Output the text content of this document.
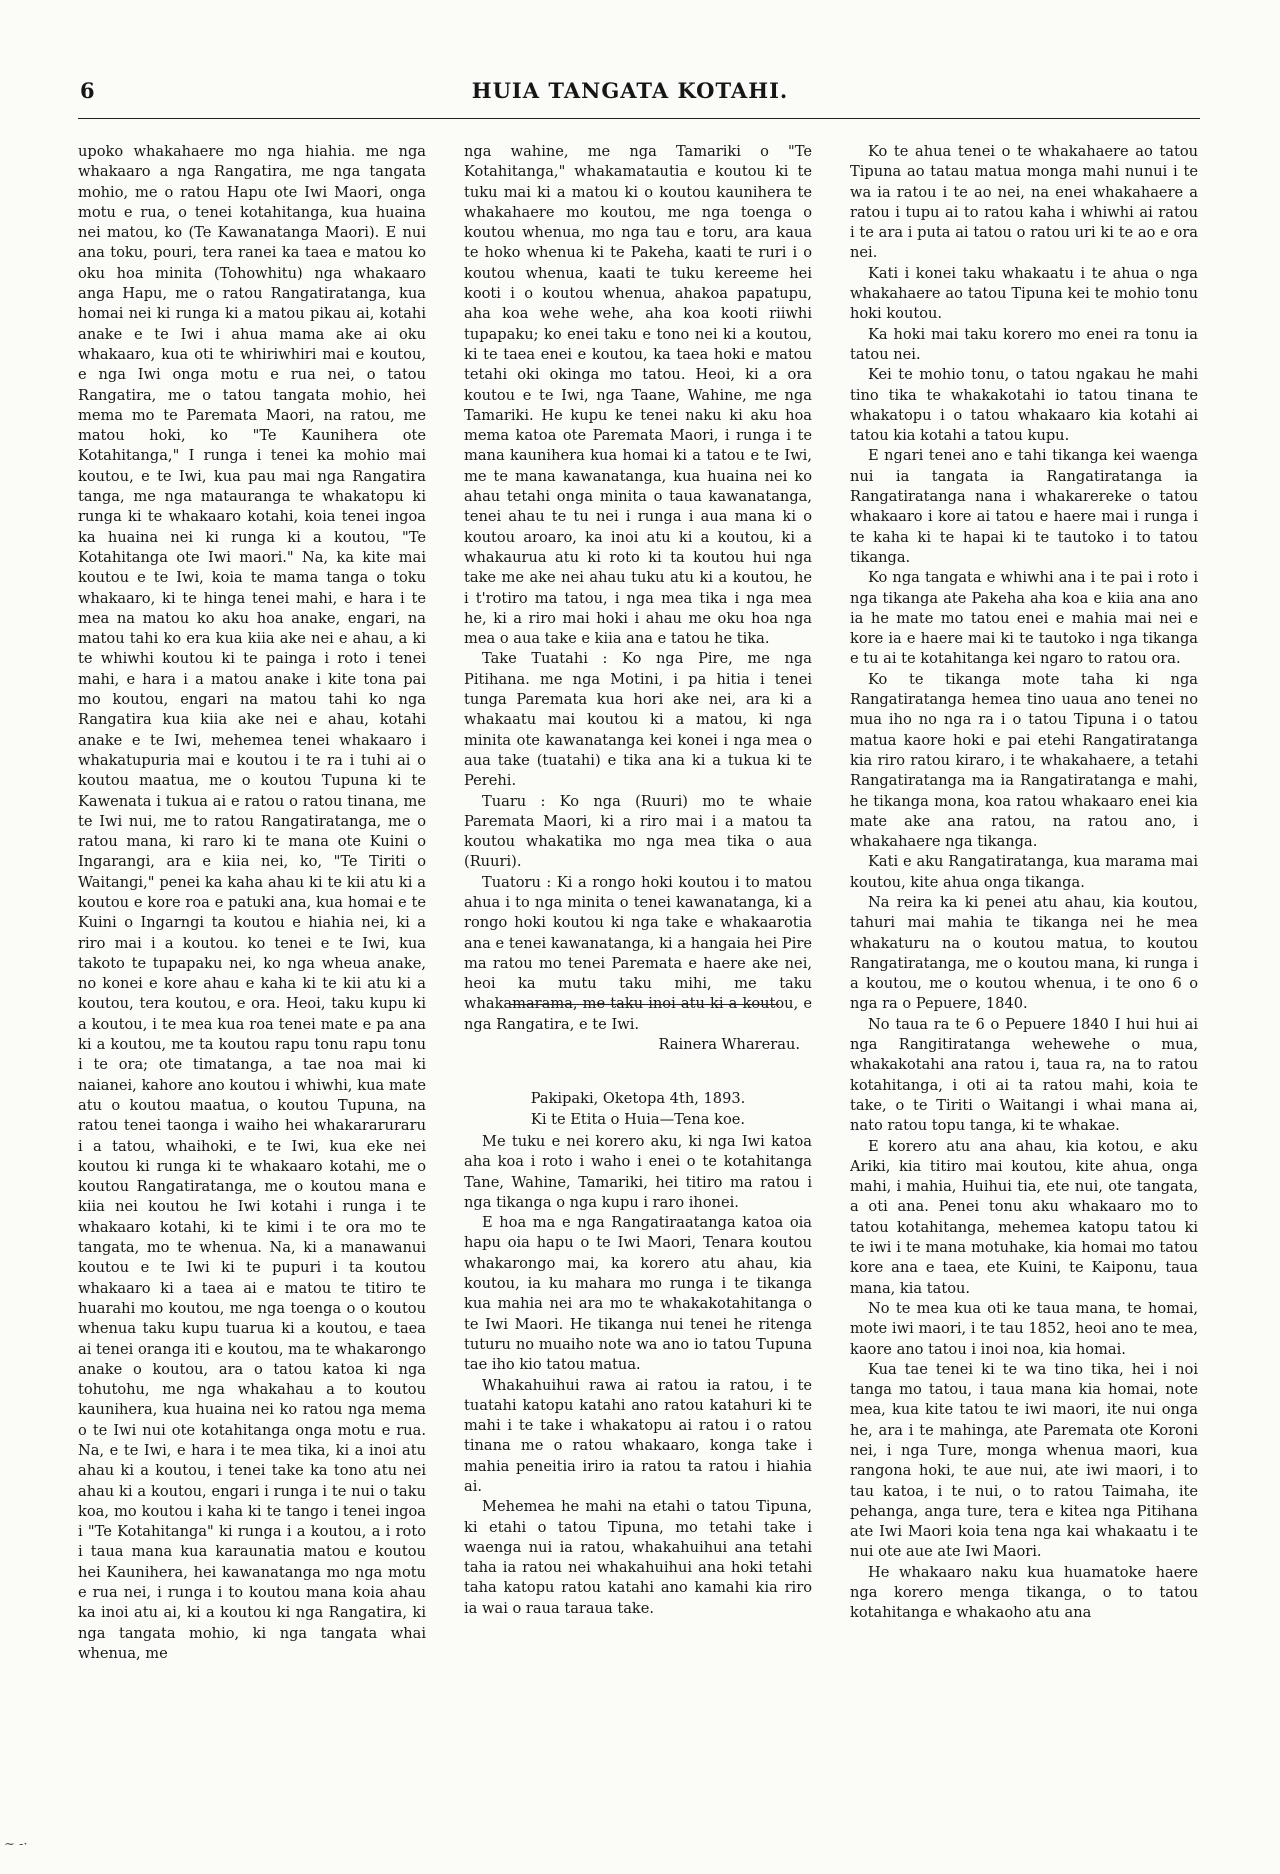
6	HUIA TANGATA KOTAHI.

upoko whakahaere mo nga hiahia. me nga whakaaro a nga Rangatira, me nga tangata mohio, me o ratou Hapu ote Iwi Maori, onga motu e rua, o tenei kotahitanga, kua huaina nei matou, ko (Te Kawanatanga Maori). E nui ana toku, pouri, tera ranei ka taea e matou ko oku hoa minita (Tohowhitu) nga whakaaro anga Hapu, me o ratou Rangatiratanga, kua homai nei ki runga ki a matou pikau ai, kotahi anake e te Iwi i ahua mama ake ai oku whakaaro, kua oti te whiriwhiri mai e koutou, e nga Iwi onga motu e rua nei, o tatou Rangatira, me o tatou tangata mohio, hei mema mo te Paremata Maori, na ratou, me matou hoki, ko "Te Kaunihera ote Kotahitanga," I runga i tenei ka mohio mai koutou, e te Iwi, kua pau mai nga Rangatira tanga, me nga matauranga te whakatopu ki runga ki te whakaaro kotahi, koia tenei ingoa ka huaina nei ki runga ki a koutou, "Te Kotahitanga ote Iwi maori." Na, ka kite mai koutou e te Iwi, koia te mama tanga o toku whakaaro, ki te hinga tenei mahi, e hara i te mea na matou ko aku hoa anake, engari, na matou tahi ko era kua kiia ake nei e ahau, a ki te whiwhi koutou ki te painga i roto i tenei mahi, e hara i a matou anake i kite tona pai mo koutou, engari na matou tahi ko nga Rangatira kua kiia ake nei e ahau, kotahi anake e te Iwi, mehemea tenei whakaaro i whakatupuria mai e koutou i te ra i tuhi ai o koutou maatua, me o koutou Tupuna ki te Kawenata i tukua ai e ratou o ratou tinana, me te Iwi nui, me to ratou Rangatiratanga, me o ratou mana, ki raro ki te mana ote Kuini o Ingarangi, ara e kiia nei, ko, "Te Tiriti o Waitangi," penei ka kaha ahau ki te kii atu ki a koutou e kore roa e patuki ana, kua homai e te Kuini o Ingarngi ta koutou e hiahia nei, ki a riro mai i a koutou. ko tenei e te Iwi, kua takoto te tupapaku nei, ko nga wheua anake, no konei e kore ahau e kaha ki te kii atu ki a koutou, tera koutou, e ora. Heoi, taku kupu ki a koutou, i te mea kua roa tenei mate e pa ana ki a koutou, me ta koutou rapu tonu rapu tonu i te ora; ote timatanga, a tae noa mai ki naianei, kahore ano koutou i whiwhi, kua mate atu o koutou maatua, o koutou Tupuna, na ratou tenei taonga i waiho hei whakararuraru i a tatou, whaihoki, e te Iwi, kua eke nei koutou ki runga ki te whakaaro kotahi, me o koutou Rangatiratanga, me o koutou mana e kiia nei koutou he Iwi kotahi i runga i te whakaaro kotahi, ki te kimi i te ora mo te tangata, mo te whenua. Na, ki a manawanui koutou e te Iwi ki te pupuri i ta koutou whakaaro ki a taea ai e matou te titiro te huarahi mo koutou, me nga toenga o o koutou whenua taku kupu tuarua ki a koutou, e taea ai tenei oranga iti e koutou, ma te whakarongo anake o koutou, ara o tatou katoa ki nga tohutohu, me nga whakahau a to koutou kaunihera, kua huaina nei ko ratou nga mema o te Iwi nui ote kotahitanga onga motu e rua. Na, e te Iwi, e hara i te mea tika, ki a inoi atu ahau ki a koutou, i tenei take ka tono atu nei ahau ki a koutou, engari i runga i te nui o taku koa, mo koutou i kaha ki te tango i tenei ingoa i "Te Kotahitanga" ki runga i a koutou, a i roto i taua mana kua karaunatia matou e koutou hei Kaunihera, hei kawanatanga mo nga motu e rua nei, i runga i to koutou mana koia ahau ka inoi atu ai, ki a koutou ki nga Rangatira, ki nga tangata mohio, ki nga tangata whai whenua, me

nga wahine, me nga Tamariki o "Te Kotahitanga," whakamatautia e koutou ki te tuku mai ki a matou ki o koutou kaunihera te whakahaere mo koutou, me nga toenga o koutou whenua, mo nga tau e toru, ara kaua te hoko whenua ki te Pakeha, kaati te ruri i o koutou whenua, kaati te tuku kereeme hei kooti i o koutou whenua, ahakoa papatupu, aha koa wehe wehe, aha koa kooti riiwhi tupapaku; ko enei taku e tono nei ki a koutou, ki te taea enei e koutou, ka taea hoki e matou tetahi oki okinga mo tatou. Heoi, ki a ora koutou e te Iwi, nga Taane, Wahine, me nga Tamariki. He kupu ke tenei naku ki aku hoa mema katoa ote Paremata Maori, i runga i te mana kaunihera kua homai ki a tatou e te Iwi, me te mana kawanatanga, kua huaina nei ko ahau tetahi onga minita o taua kawanatanga, tenei ahau te tu nei i runga i aua mana ki o koutou aroaro, ka inoi atu ki a koutou, ki a whakaurua atu ki roto ki ta koutou hui nga take me ake nei ahau tuku atu ki a koutou, he i t'rotiro ma tatou, i nga mea tika i nga mea he, ki a riro mai hoki i ahau me oku hoa nga mea o aua take e kiia ana e tatou he tika.

Take Tuatahi : Ko nga Pire, me nga Pitihana. me nga Motini, i pa hitia i tenei tunga Paremata kua hori ake nei, ara ki a whakaatu mai koutou ki a matou, ki nga minita ote kawanatanga kei konei i nga mea o aua take (tuatahi) e tika ana ki a tukua ki te Perehi.

Tuaru : Ko nga (Ruuri) mo te whaie Paremata Maori, ki a riro mai i a matou ta koutou whakatika mo nga mea tika o aua (Ruuri).

Tuatoru : Ki a rongo hoki koutou i to matou ahua i to nga minita o tenei kawanatanga, ki a rongo hoki koutou ki nga take e whakaarotia ana e tenei kawanatanga, ki a hangaia hei Pire ma ratou mo tenei Paremata e haere ake nei, heoi ka mutu taku mihi, me taku whakamarama, me taku inoi atu ki a koutou, e nga Rangatira, e te Iwi.

Rainera Wharerau.

Pakipaki, Oketopa 4th, 1893.

Ki te Etita o Huia—Tena koe.

Me tuku e nei korero aku, ki nga Iwi katoa aha koa i roto i waho i enei o te kotahitanga Tane, Wahine, Tamariki, hei titiro ma ratou i nga tikanga o nga kupu i raro ihonei.

E hoa ma e nga Rangatiraatanga katoa oia hapu oia hapu o te Iwi Maori, Tenara koutou whakarongo mai, ka korero atu ahau, kia koutou, ia ku mahara mo runga i te tikanga kua mahia nei ara mo te whakakotahitanga o te Iwi Maori. He tikanga nui tenei he ritenga tuturu no muaiho note wa ano io tatou Tupuna tae iho kio tatou matua.

Whakahuihui rawa ai ratou ia ratou, i te tuatahi katopu katahi ano ratou katahuri ki te mahi i te take i whakatopu ai ratou i o ratou tinana me o ratou whakaaro, konga take i mahia peneitia iriro ia ratou ta ratou i hiahia ai.

Mehemea he mahi na etahi o tatou Tipuna, ki etahi o tatou Tipuna, mo tetahi take i waenga nui ia ratou, whakahuihui ana tetahi taha ia ratou nei whakahuihui ana hoki tetahi taha katopu ratou katahi ano kamahi kia riro ia wai o raua taraua take.

Ko te ahua tenei o te whakahaere ao tatou Tipuna ao tatau matua monga mahi nunui i te wa ia ratou i te ao nei, na enei whakahaere a ratou i tupu ai to ratou kaha i whiwhi ai ratou i te ara i puta ai tatou o ratou uri ki te ao e ora nei.

Kati i konei taku whakaatu i te ahua o nga whakahaere ao tatou Tipuna kei te mohio tonu hoki koutou.

Ka hoki mai taku korero mo enei ra tonu ia tatou nei.

Kei te mohio tonu, o tatou ngakau he mahi tino tika te whakakotahi io tatou tinana te whakatopu i o tatou whakaaro kia kotahi ai tatou kia kotahi a tatou kupu.

E ngari tenei ano e tahi tikanga kei waenga nui ia tangata ia Rangatiratanga ia Rangatiratanga nana i whakarereke o tatou whakaaro i kore ai tatou e haere mai i runga i te kaha ki te hapai ki te tautoko i to tatou tikanga.

Ko nga tangata e whiwhi ana i te pai i roto i nga tikanga ate Pakeha aha koa e kiia ana ano ia he mate mo tatou enei e mahia mai nei e kore ia e haere mai ki te tautoko i nga tikanga e tu ai te kotahitanga kei ngaro to ratou ora.

Ko te tikanga mote taha ki nga Rangatiratanga hemea tino uaua ano tenei no mua iho no nga ra i o tatou Tipuna i o tatou matua kaore hoki e pai etehi Rangatiratanga kia riro ratou kiraro, i te whakahaere, a tetahi Rangatiratanga ma ia Rangatiratanga e mahi, he tikanga mona, koa ratou whakaaro enei kia mate ake ana ratou, na ratou ano, i whakahaere nga tikanga.

Kati e aku Rangatiratanga, kua marama mai koutou, kite ahua onga tikanga.

Na reira ka ki penei atu ahau, kia koutou, tahuri mai mahia te tikanga nei he mea whakaturu na o koutou matua, to koutou Rangatiratanga, me o koutou mana, ki runga i a koutou, me o koutou whenua, i te ono 6 o nga ra o Pepuere, 1840.

No taua ra te 6 o Pepuere 1840 I hui hui ai nga Rangitiratanga wehewehe o mua, whakakotahi ana ratou i, taua ra, na to ratou kotahitanga, i oti ai ta ratou mahi, koia te take, o te Tiriti o Waitangi i whai mana ai, nato ratou topu tanga, ki te whakae.

E korero atu ana ahau, kia kotou, e aku Ariki, kia titiro mai koutou, kite ahua, onga mahi, i mahia, Huihui tia, ete nui, ote tangata, a oti ana. Penei tonu aku whakaaro mo to tatou kotahitanga, mehemea katopu tatou ki te iwi i te mana motuhake, kia homai mo tatou kore ana e taea, ete Kuini, te Kaiponu, taua mana, kia tatou.

No te mea kua oti ke taua mana, te homai, mote iwi maori, i te tau 1852, heoi ano te mea, kaore ano tatou i inoi noa, kia homai.

Kua tae tenei ki te wa tino tika, hei i noi tanga mo tatou, i taua mana kia homai, note mea, kua kite tatou te iwi maori, ite nui onga he, ara i te mahinga, ate Paremata ote Koroni nei, i nga Ture, monga whenua maori, kua rangona hoki, te aue nui, ate iwi maori, i to tau katoa, i te nui, o to ratou Taimaha, ite pehanga, anga ture, tera e kitea nga Pitihana ate Iwi Maori koia tena nga kai whakaatu i te nui ote aue ate Iwi Maori.

He whakaaro naku kua huamatoke haere nga korero menga tikanga, o to tatou kotahitanga e whakaoho atu ana

~ -·
